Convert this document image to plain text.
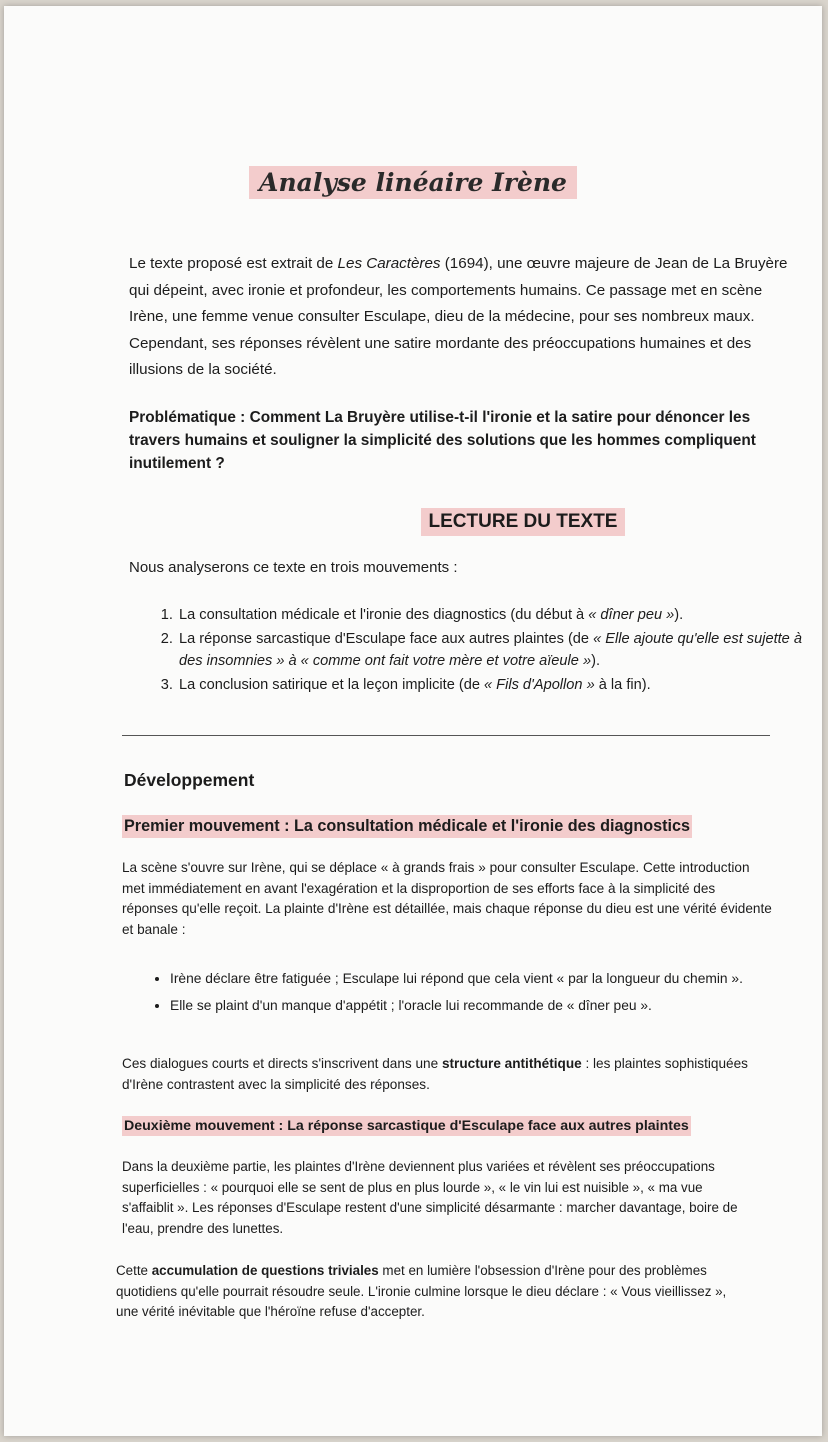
Analyse linéaire Irène

Le texte proposé est extrait de Les Caractères (1694), une œuvre majeure de Jean de La Bruyère qui dépeint, avec ironie et profondeur, les comportements humains. Ce passage met en scène Irène, une femme venue consulter Esculape, dieu de la médecine, pour ses nombreux maux. Cependant, ses réponses révèlent une satire mordante des préoccupations humaines et des illusions de la société.

Problématique : Comment La Bruyère utilise-t-il l'ironie et la satire pour dénoncer les travers humains et souligner la simplicité des solutions que les hommes compliquent inutilement ?

LECTURE DU TEXTE

Nous analyserons ce texte en trois mouvements :

1. La consultation médicale et l'ironie des diagnostics (du début à « dîner peu »).
2. La réponse sarcastique d'Esculape face aux autres plaintes (de « Elle ajoute qu'elle est sujette à des insomnies » à « comme ont fait votre mère et votre aïeule »).
3. La conclusion satirique et la leçon implicite (de « Fils d'Apollon » à la fin).

Développement

Premier mouvement : La consultation médicale et l'ironie des diagnostics

La scène s'ouvre sur Irène, qui se déplace « à grands frais » pour consulter Esculape. Cette introduction met immédiatement en avant l'exagération et la disproportion de ses efforts face à la simplicité des réponses qu'elle reçoit. La plainte d'Irène est détaillée, mais chaque réponse du dieu est une vérité évidente et banale :

• Irène déclare être fatiguée ; Esculape lui répond que cela vient « par la longueur du chemin ».
• Elle se plaint d'un manque d'appétit ; l'oracle lui recommande de « dîner peu ».

Ces dialogues courts et directs s'inscrivent dans une structure antithétique : les plaintes sophistiquées d'Irène contrastent avec la simplicité des réponses.

Deuxième mouvement : La réponse sarcastique d'Esculape face aux autres plaintes

Dans la deuxième partie, les plaintes d'Irène deviennent plus variées et révèlent ses préoccupations superficielles : « pourquoi elle se sent de plus en plus lourde », « le vin lui est nuisible », « ma vue s'affaiblit ». Les réponses d'Esculape restent d'une simplicité désarmante : marcher davantage, boire de l'eau, prendre des lunettes.

Cette accumulation de questions triviales met en lumière l'obsession d'Irène pour des problèmes quotidiens qu'elle pourrait résoudre seule. L'ironie culmine lorsque le dieu déclare : « Vous vieillissez », une vérité inévitable que l'héroïne refuse d'accepter.
